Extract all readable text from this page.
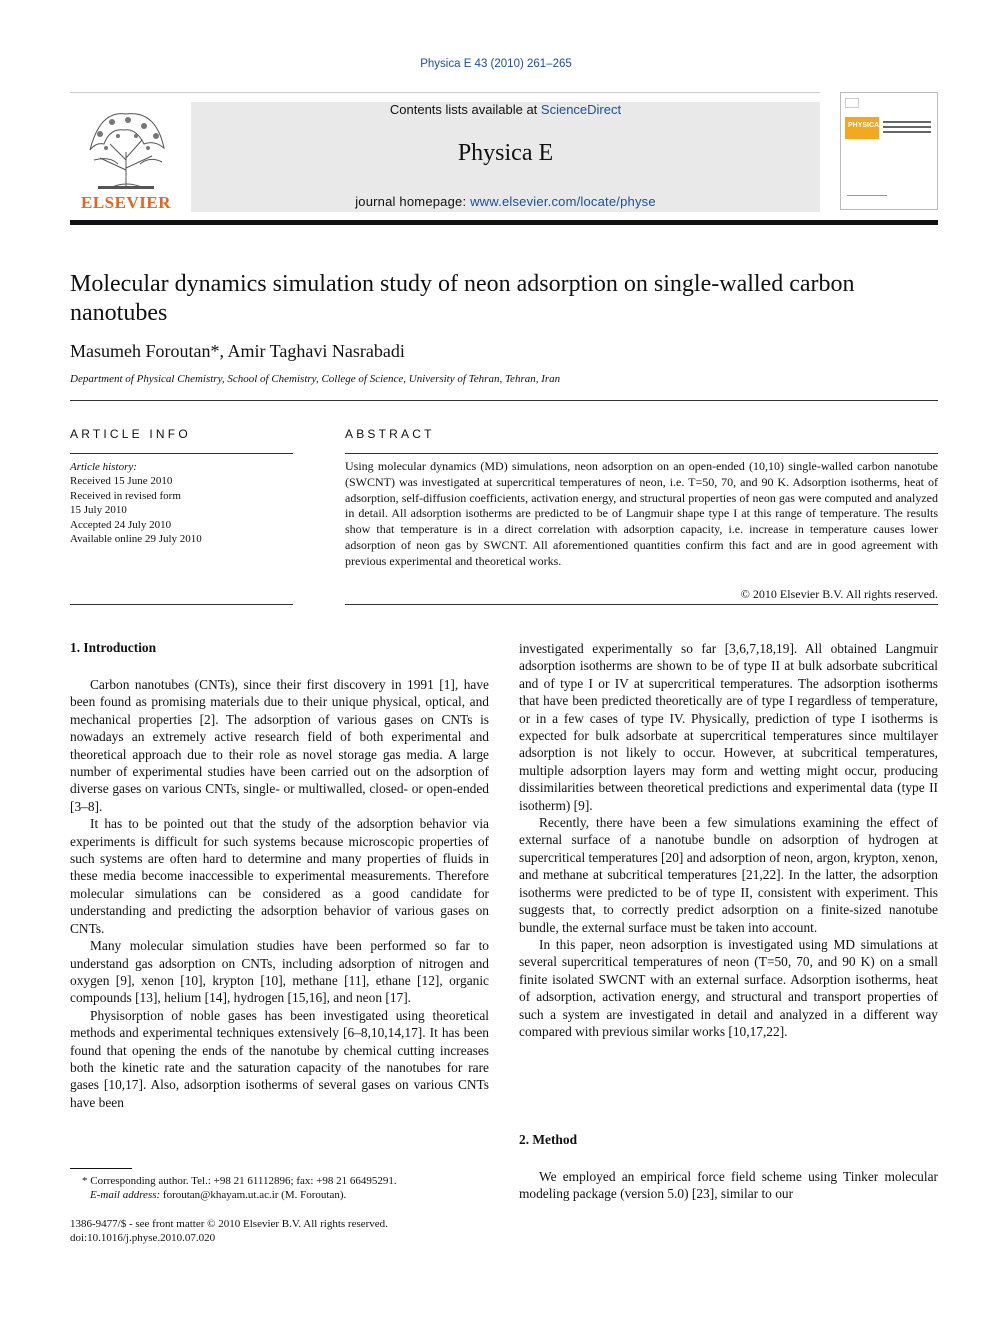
Physica E 43 (2010) 261–265
ELSEVIER
Contents lists available at ScienceDirect
Physica E
journal homepage: www.elsevier.com/locate/physe
PHYSICA
Molecular dynamics simulation study of neon adsorption on single-walled carbon nanotubes
Masumeh Foroutan*, Amir Taghavi Nasrabadi
Department of Physical Chemistry, School of Chemistry, College of Science, University of Tehran, Tehran, Iran
ARTICLE INFO	ABSTRACT
Article history:
Received 15 June 2010
Received in revised form
15 July 2010
Accepted 24 July 2010
Available online 29 July 2010
Using molecular dynamics (MD) simulations, neon adsorption on an open-ended (10,10) single-walled carbon nanotube (SWCNT) was investigated at supercritical temperatures of neon, i.e. T=50, 70, and 90 K. Adsorption isotherms, heat of adsorption, self-diffusion coefficients, activation energy, and structural properties of neon gas were computed and analyzed in detail. All adsorption isotherms are predicted to be of Langmuir shape type I at this range of temperature. The results show that temperature is in a direct correlation with adsorption capacity, i.e. increase in temperature causes lower adsorption of neon gas by SWCNT. All aforementioned quantities confirm this fact and are in good agreement with previous experimental and theoretical works.
© 2010 Elsevier B.V. All rights reserved.
1. Introduction

Carbon nanotubes (CNTs), since their first discovery in 1991 [1], have been found as promising materials due to their unique physical, optical, and mechanical properties [2]. The adsorption of various gases on CNTs is nowadays an extremely active research field of both experimental and theoretical approach due to their role as novel storage gas media. A large number of experimental studies have been carried out on the adsorption of diverse gases on various CNTs, single- or multiwalled, closed- or open-ended [3–8].

It has to be pointed out that the study of the adsorption behavior via experiments is difficult for such systems because microscopic properties of such systems are often hard to determine and many properties of fluids in these media become inaccessible to experimental measurements. Therefore molecular simulations can be considered as a good candidate for understanding and predicting the adsorption behavior of various gases on CNTs.

Many molecular simulation studies have been performed so far to understand gas adsorption on CNTs, including adsorption of nitrogen and oxygen [9], xenon [10], krypton [10], methane [11], ethane [12], organic compounds [13], helium [14], hydrogen [15,16], and neon [17].

Physisorption of noble gases has been investigated using theoretical methods and experimental techniques extensively [6–8,10,14,17]. It has been found that opening the ends of the nanotube by chemical cutting increases both the kinetic rate and the saturation capacity of the nanotubes for rare gases [10,17]. Also, adsorption isotherms of several gases on various CNTs have been

investigated experimentally so far [3,6,7,18,19]. All obtained Langmuir adsorption isotherms are shown to be of type II at bulk adsorbate subcritical and of type I or IV at supercritical temperatures. The adsorption isotherms that have been predicted theoretically are of type I regardless of temperature, or in a few cases of type IV. Physically, prediction of type I isotherms is expected for bulk adsorbate at supercritical temperatures since multilayer adsorption is not likely to occur. However, at subcritical temperatures, multiple adsorption layers may form and wetting might occur, producing dissimilarities between theoretical predictions and experimental data (type II isotherm) [9].

Recently, there have been a few simulations examining the effect of external surface of a nanotube bundle on adsorption of hydrogen at supercritical temperatures [20] and adsorption of neon, argon, krypton, xenon, and methane at subcritical temperatures [21,22]. In the latter, the adsorption isotherms were predicted to be of type II, consistent with experiment. This suggests that, to correctly predict adsorption on a finite-sized nanotube bundle, the external surface must be taken into account.

In this paper, neon adsorption is investigated using MD simulations at several supercritical temperatures of neon (T=50, 70, and 90 K) on a small finite isolated SWCNT with an external surface. Adsorption isotherms, heat of adsorption, activation energy, and structural and transport properties of such a system are investigated in detail and analyzed in a different way compared with previous similar works [10,17,22].

2. Method

We employed an empirical force field scheme using Tinker molecular modeling package (version 5.0) [23], similar to our

* Corresponding author. Tel.: +98 21 61112896; fax: +98 21 66495291.
E-mail address: foroutan@khayam.ut.ac.ir (M. Foroutan).
1386-9477/$ - see front matter © 2010 Elsevier B.V. All rights reserved.
doi:10.1016/j.physe.2010.07.020
